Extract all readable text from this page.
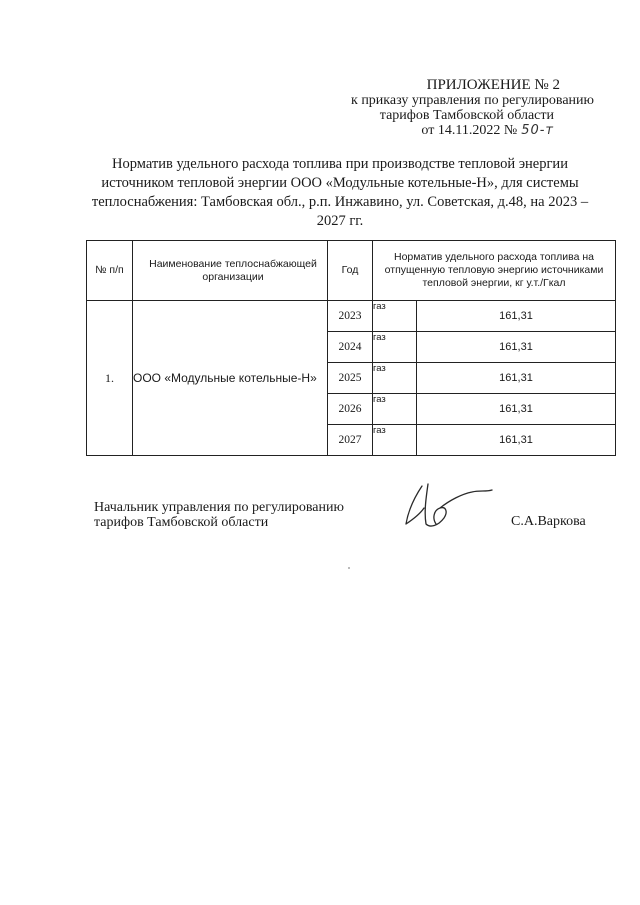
ПРИЛОЖЕНИЕ № 2
к приказу управления по регулированию
тарифов Тамбовской области
от 14.11.2022 № 50-т
Норматив удельного расхода топлива при производстве тепловой энергии источником тепловой энергии ООО «Модульные котельные-Н», для системы теплоснабжения: Тамбовская обл., р.п. Инжавино, ул. Советская, д.48, на 2023 – 2027 гг.
№ п/п	Наименование теплоснабжающей организации	Год	Норматив удельного расхода топлива на отпущенную тепловую энергию источниками тепловой энергии, кг у.т./Гкал	
1.	ООО «Модульные котельные-Н»	2023	газ	161,31
		2024	газ	161,31
		2025	газ	161,31
		2026	газ	161,31
		2027	газ	161,31
Начальник управления по регулированию
тарифов Тамбовской области	С.А.Варкова
